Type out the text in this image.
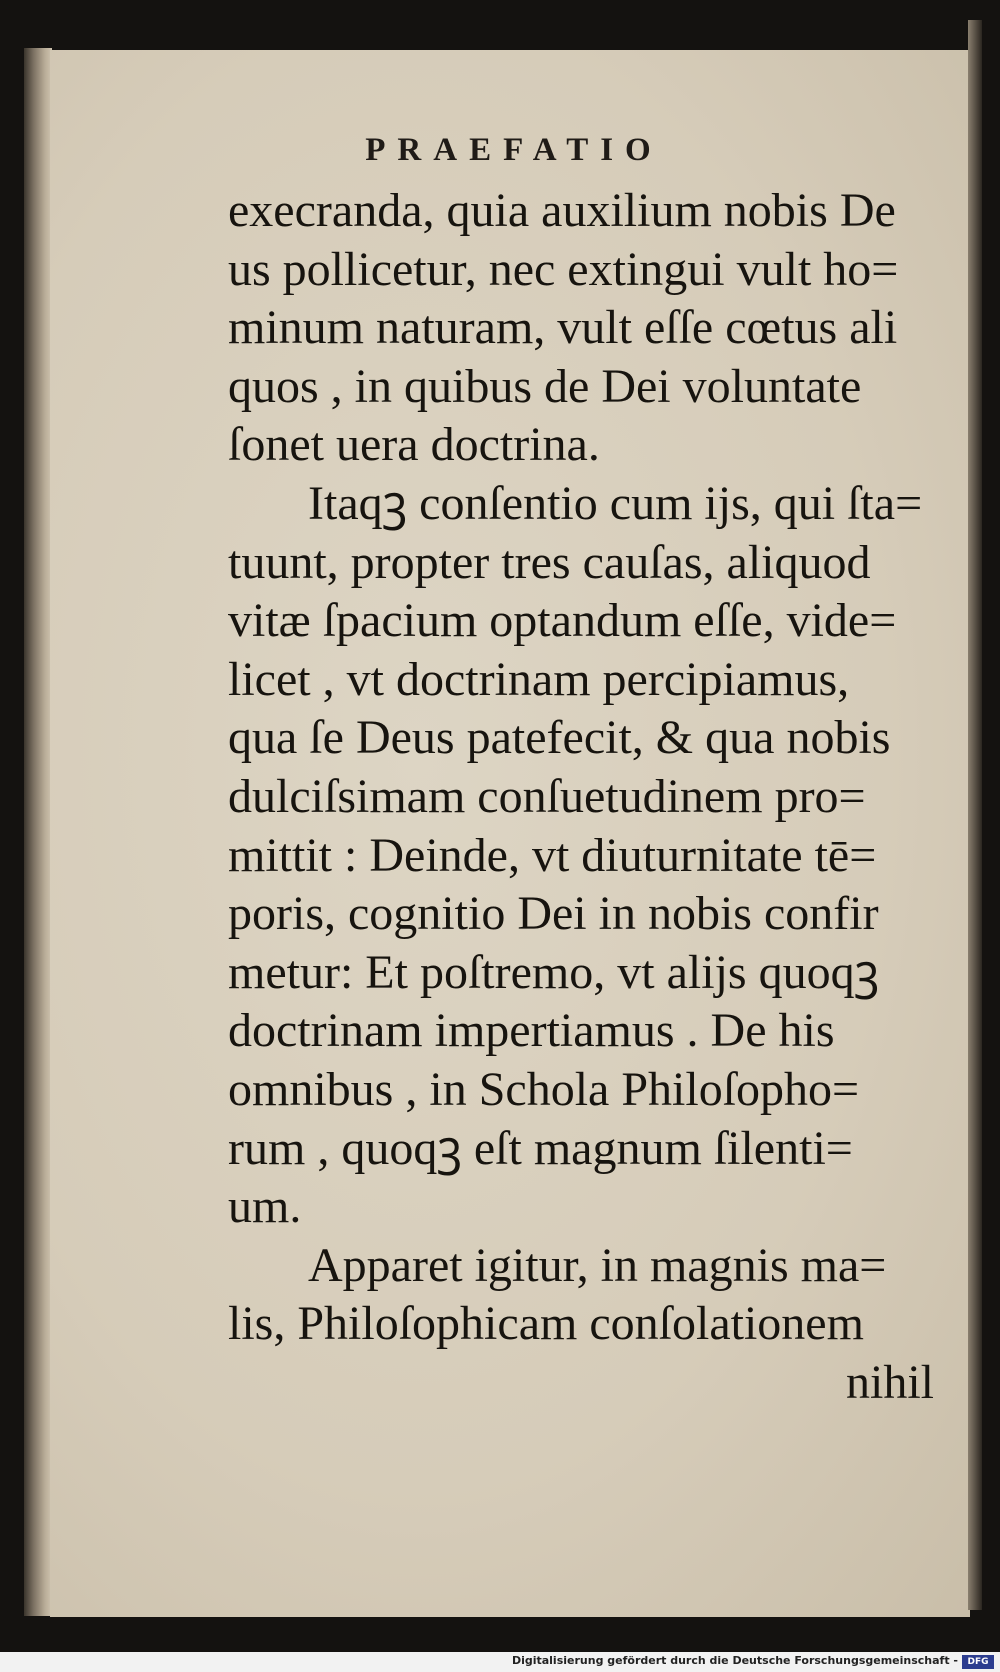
PRAEFATIO
execranda, quia auxilium nobis De
us pollicetur, nec extingui vult ho=
minum naturam, vult eſſe cœtus ali
quos , in quibus de Dei voluntate
ſonet uera doctrina.
Itaqꝫ conſentio cum ijs, qui ſta=
tuunt, propter tres cauſas, aliquod
vitæ ſpacium optandum eſſe, vide=
licet , vt doctrinam percipiamus,
qua ſe Deus patefecit, & qua nobis
dulciſsimam conſuetudinem pro=
mittit : Deinde, vt diuturnitate tē=
poris, cognitio Dei in nobis confir
metur: Et poſtremo, vt alijs quoqꝫ
doctrinam impertiamus . De his
omnibus , in Schola Philoſopho=
rum , quoqꝫ eſt magnum ſilenti=
um.
Apparet igitur, in magnis ma=
lis, Philoſophicam conſolationem
nihil
Digitalisierung gefördert durch die Deutsche Forschungsgemeinschaft -	DFG
